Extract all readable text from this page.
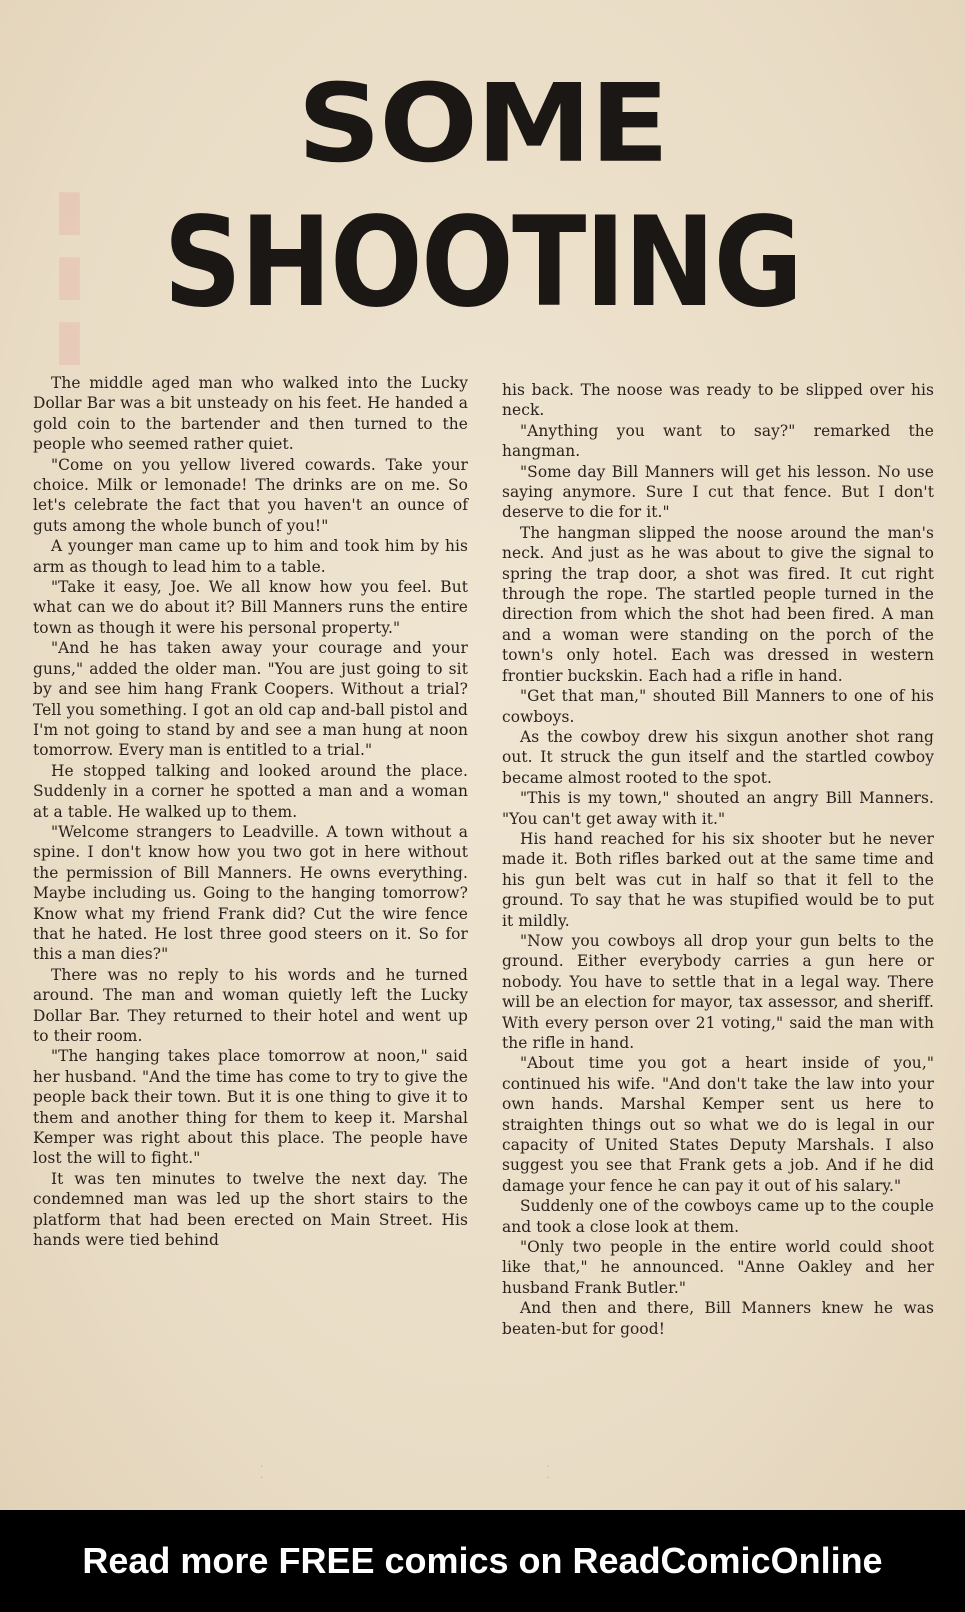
▮▮▮
SOME
SHOOTING

The middle aged man who walked into the Lucky Dollar Bar was a bit unsteady on his feet. He handed a gold coin to the bartender and then turned to the people who seemed rather quiet.

"Come on you yellow livered cowards. Take your choice. Milk or lemonade! The drinks are on me. So let's celebrate the fact that you haven't an ounce of guts among the whole bunch of you!"

A younger man came up to him and took him by his arm as though to lead him to a table.

"Take it easy, Joe. We all know how you feel. But what can we do about it? Bill Manners runs the entire town as though it were his personal property."

"And he has taken away your courage and your guns," added the older man. "You are just going to sit by and see him hang Frank Coopers. Without a trial? Tell you something. I got an old cap and-ball pistol and I'm not going to stand by and see a man hung at noon tomorrow. Every man is entitled to a trial."

He stopped talking and looked around the place. Suddenly in a corner he spotted a man and a woman at a table. He walked up to them.

"Welcome strangers to Leadville. A town without a spine. I don't know how you two got in here without the permission of Bill Manners. He owns everything. Maybe including us. Going to the hanging tomorrow? Know what my friend Frank did? Cut the wire fence that he hated. He lost three good steers on it. So for this a man dies?"

There was no reply to his words and he turned around. The man and woman quietly left the Lucky Dollar Bar. They returned to their hotel and went up to their room.

"The hanging takes place tomorrow at noon," said her husband. "And the time has come to try to give the people back their town. But it is one thing to give it to them and another thing for them to keep it. Marshal Kemper was right about this place. The people have lost the will to fight."

It was ten minutes to twelve the next day. The condemned man was led up the short stairs to the platform that had been erected on Main Street. His hands were tied behind

his back. The noose was ready to be slipped over his neck.

"Anything you want to say?" remarked the hangman.

"Some day Bill Manners will get his lesson. No use saying anymore. Sure I cut that fence. But I don't deserve to die for it."

The hangman slipped the noose around the man's neck. And just as he was about to give the signal to spring the trap door, a shot was fired. It cut right through the rope. The startled people turned in the direction from which the shot had been fired. A man and a woman were standing on the porch of the town's only hotel. Each was dressed in western frontier buckskin. Each had a rifle in hand.

"Get that man," shouted Bill Manners to one of his cowboys.

As the cowboy drew his sixgun another shot rang out. It struck the gun itself and the startled cowboy became almost rooted to the spot.

"This is my town," shouted an angry Bill Manners. "You can't get away with it."

His hand reached for his six shooter but he never made it. Both rifles barked out at the same time and his gun belt was cut in half so that it fell to the ground. To say that he was stupified would be to put it mildly.

"Now you cowboys all drop your gun belts to the ground. Either everybody carries a gun here or nobody. You have to settle that in a legal way. There will be an election for mayor, tax assessor, and sheriff. With every person over 21 voting," said the man with the rifle in hand.

"About time you got a heart inside of you," continued his wife. "And don't take the law into your own hands. Marshal Kemper sent us here to straighten things out so what we do is legal in our capacity of United States Deputy Marshals. I also suggest you see that Frank gets a job. And if he did damage your fence he can pay it out of his salary."

Suddenly one of the cowboys came up to the couple and took a close look at them.

"Only two people in the entire world could shoot like that," he announced. "Anne Oakley and her husband Frank Butler."

And then and there, Bill Manners knew he was beaten-but for good!

· · · ·
Read more FREE comics on ReadComicOnline
